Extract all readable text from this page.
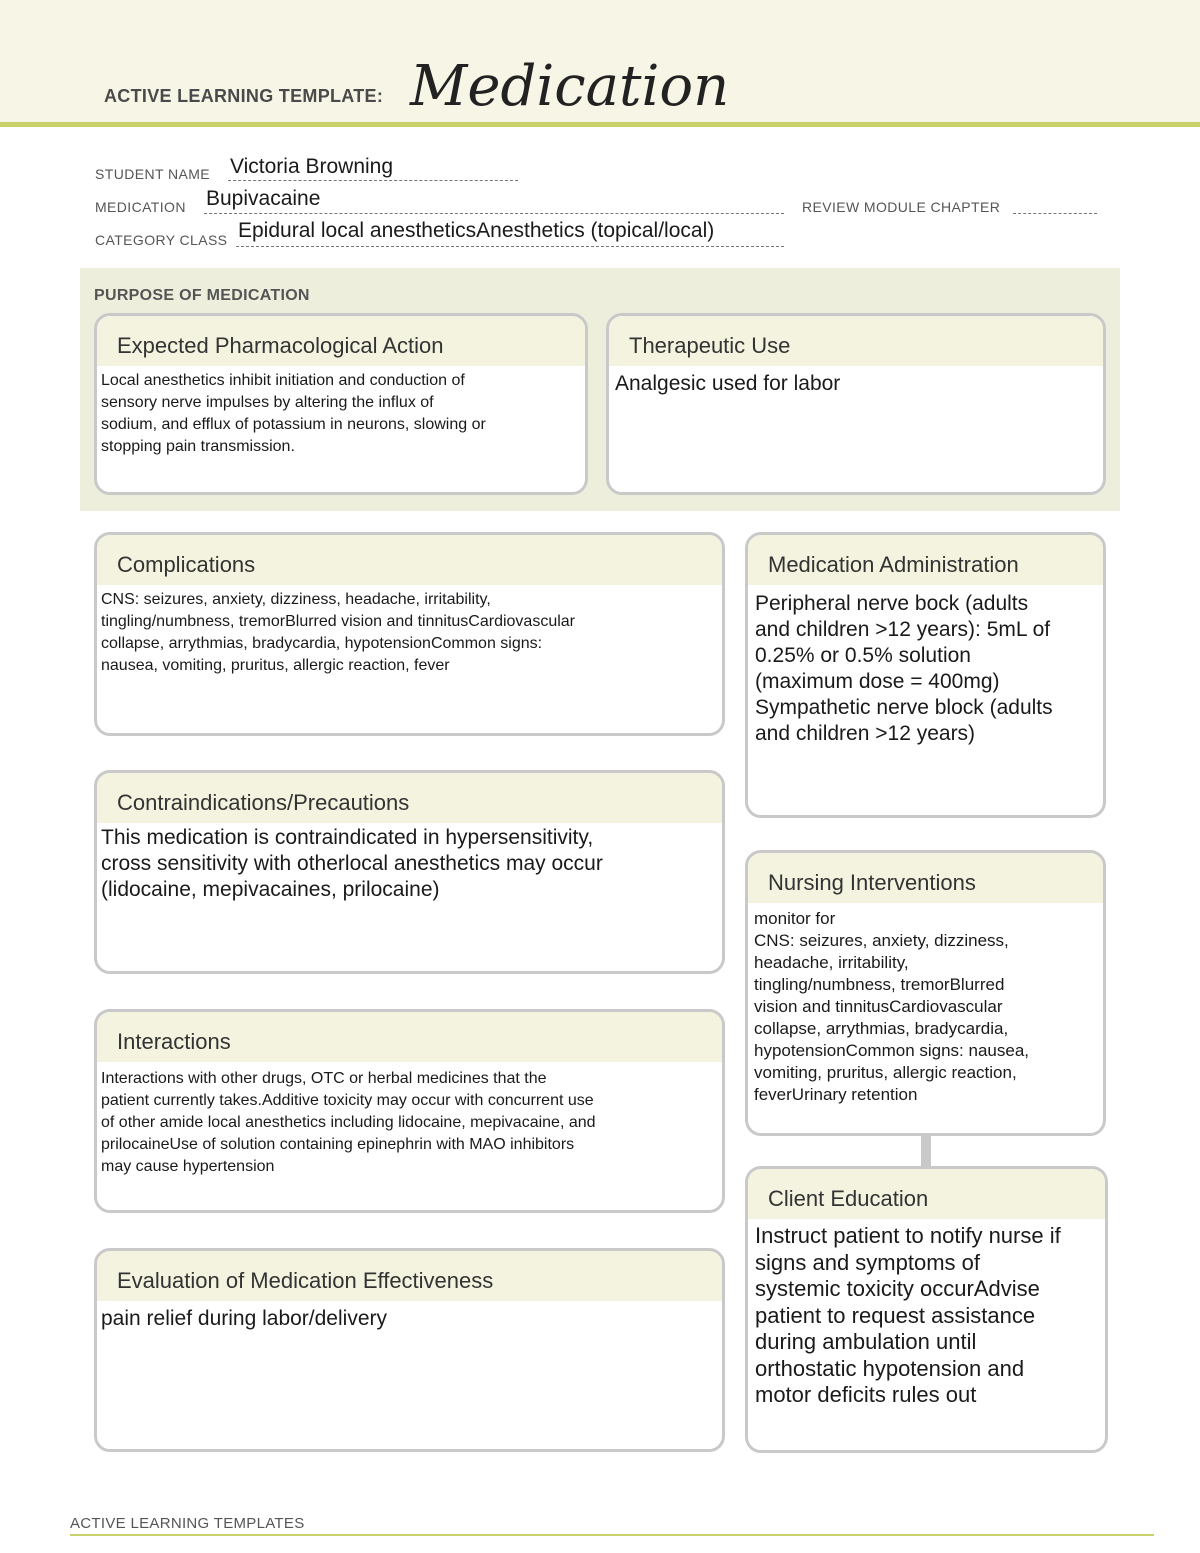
ACTIVE LEARNING TEMPLATE: Medication
STUDENT NAME Victoria Browning
MEDICATION Bupivacaine	REVIEW MODULE CHAPTER
CATEGORY CLASS Epidural local anestheticsAnesthetics (topical/local)
PURPOSE OF MEDICATION
Expected Pharmacological Action
Local anesthetics inhibit initiation and conduction of
sensory nerve impulses by altering the influx of
sodium, and efflux of potassium in neurons, slowing or
stopping pain transmission.
Therapeutic Use
Analgesic used for labor
Complications
CNS: seizures, anxiety, dizziness, headache, irritability,
tingling/numbness, tremorBlurred vision and tinnitusCardiovascular
collapse, arrythmias, bradycardia, hypotensionCommon signs:
nausea, vomiting, pruritus, allergic reaction, fever
Contraindications/Precautions
This medication is contraindicated in hypersensitivity,
cross sensitivity with otherlocal anesthetics may occur
(lidocaine, mepivacaines, prilocaine)
Interactions
Interactions with other drugs, OTC or herbal medicines that the
patient currently takes.Additive toxicity may occur with concurrent use
of other amide local anesthetics including lidocaine, mepivacaine, and
prilocaineUse of solution containing epinephrin with MAO inhibitors
may cause hypertension
Evaluation of Medication Effectiveness
pain relief during labor/delivery
Medication Administration
Peripheral nerve bock (adults
and children >12 years): 5mL of
0.25% or 0.5% solution
(maximum dose = 400mg)
Sympathetic nerve block (adults
and children >12 years)
Nursing Interventions
monitor for
CNS: seizures, anxiety, dizziness,
headache, irritability,
tingling/numbness, tremorBlurred
vision and tinnitusCardiovascular
collapse, arrythmias, bradycardia,
hypotensionCommon signs: nausea,
vomiting, pruritus, allergic reaction,
feverUrinary retention
Client Education
Instruct patient to notify nurse if
signs and symptoms of
systemic toxicity occurAdvise
patient to request assistance
during ambulation until
orthostatic hypotension and
motor deficits rules out
ACTIVE LEARNING TEMPLATES
